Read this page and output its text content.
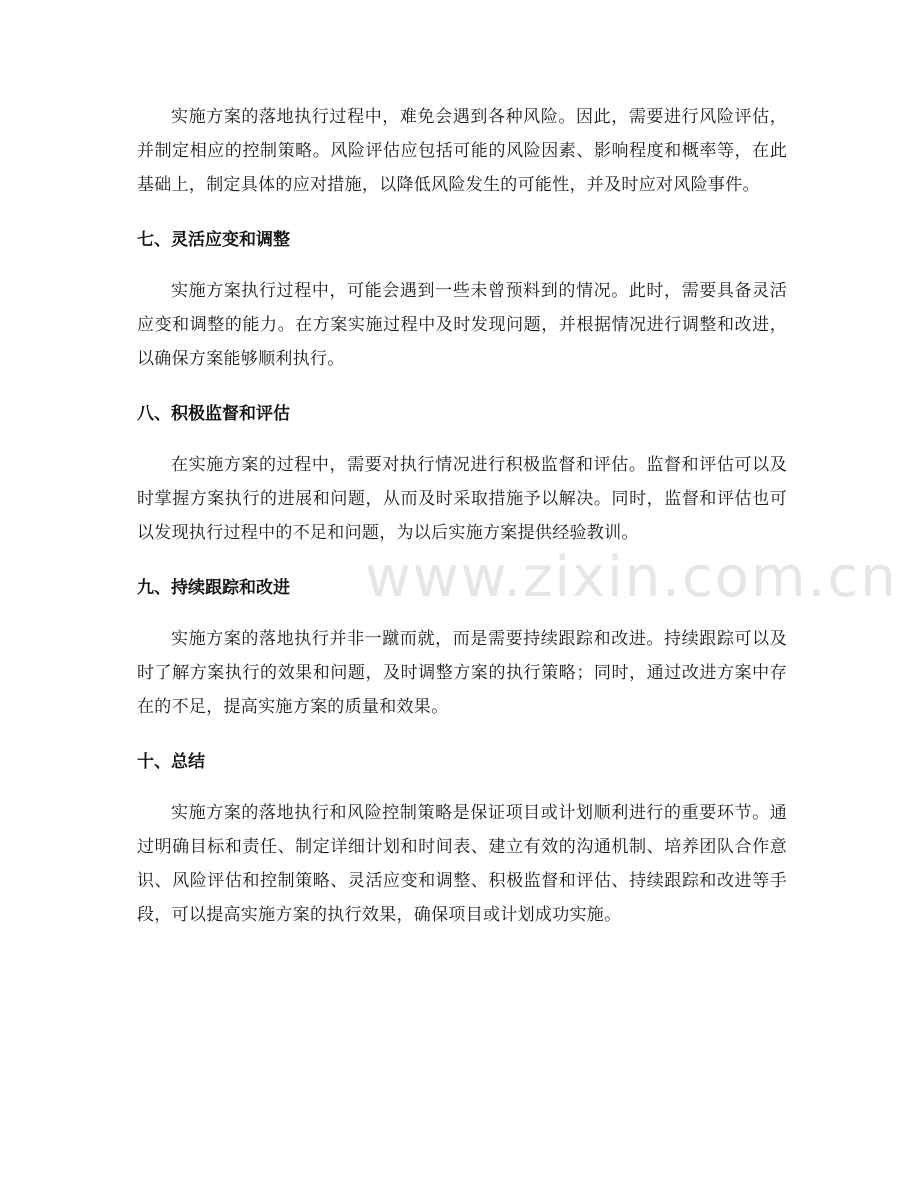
www.zixin.com.cn

实施方案的落地执行过程中，难免会遇到各种风险。因此，需要进行风险评估，并制定相应的控制策略。风险评估应包括可能的风险因素、影响程度和概率等，在此基础上，制定具体的应对措施，以降低风险发生的可能性，并及时应对风险事件。

七、灵活应变和调整

实施方案执行过程中，可能会遇到一些未曾预料到的情况。此时，需要具备灵活应变和调整的能力。在方案实施过程中及时发现问题，并根据情况进行调整和改进，以确保方案能够顺利执行。

八、积极监督和评估

在实施方案的过程中，需要对执行情况进行积极监督和评估。监督和评估可以及时掌握方案执行的进展和问题，从而及时采取措施予以解决。同时，监督和评估也可以发现执行过程中的不足和问题，为以后实施方案提供经验教训。

九、持续跟踪和改进

实施方案的落地执行并非一蹴而就，而是需要持续跟踪和改进。持续跟踪可以及时了解方案执行的效果和问题，及时调整方案的执行策略；同时，通过改进方案中存在的不足，提高实施方案的质量和效果。

十、总结

实施方案的落地执行和风险控制策略是保证项目或计划顺利进行的重要环节。通过明确目标和责任、制定详细计划和时间表、建立有效的沟通机制、培养团队合作意识、风险评估和控制策略、灵活应变和调整、积极监督和评估、持续跟踪和改进等手段，可以提高实施方案的执行效果，确保项目或计划成功实施。
